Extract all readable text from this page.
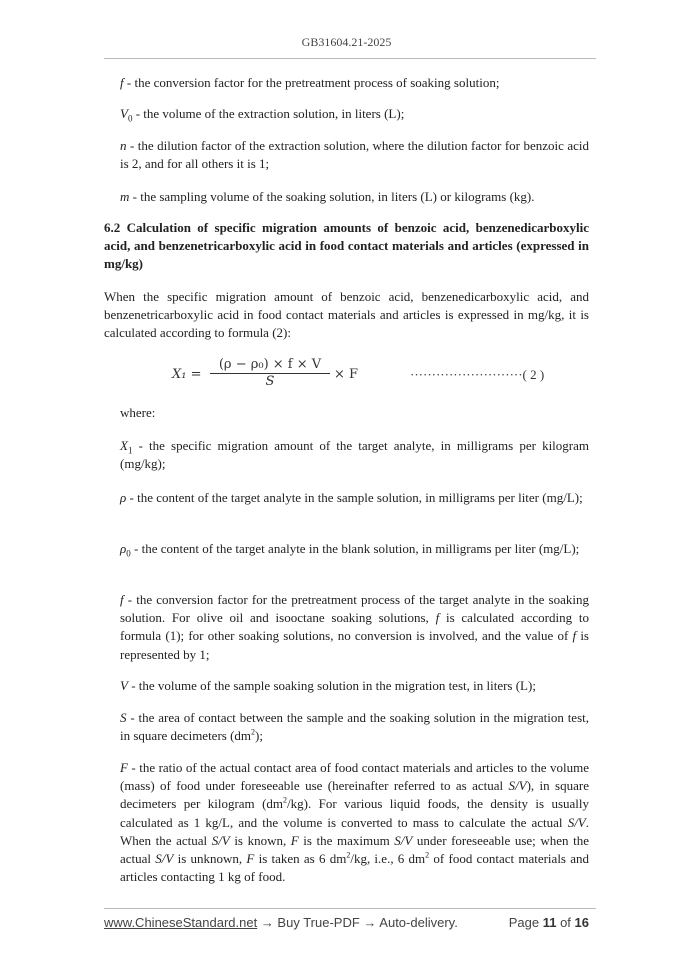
GB31604.21-2025
f - the conversion factor for the pretreatment process of soaking solution;
$V_0$ - the volume of the extraction solution, in liters (L);
n - the dilution factor of the extraction solution, where the dilution factor for benzoic acid is 2, and for all others it is 1;
m - the sampling volume of the soaking solution, in liters (L) or kilograms (kg).
6.2 Calculation of specific migration amounts of benzoic acid, benzenedicarboxylic acid, and benzenetricarboxylic acid in food contact materials and articles (expressed in mg/kg)
When the specific migration amount of benzoic acid, benzenedicarboxylic acid, and benzenetricarboxylic acid in food contact materials and articles is expressed in mg/kg, it is calculated according to formula (2):
where:
$X_1$ - the specific migration amount of the target analyte, in milligrams per kilogram (mg/kg);
ρ - the content of the target analyte in the sample solution, in milligrams per liter (mg/L);
$\rho_0$ - the content of the target analyte in the blank solution, in milligrams per liter (mg/L);
f - the conversion factor for the pretreatment process of the target analyte in the soaking solution. For olive oil and isooctane soaking solutions, f is calculated according to formula (1); for other soaking solutions, no conversion is involved, and the value of f is represented by 1;
V - the volume of the sample soaking solution in the migration test, in liters (L);
S - the area of contact between the sample and the soaking solution in the migration test, in square decimeters $(dm^2)$;
F - the ratio of the actual contact area of food contact materials and articles to the volume (mass) of food under foreseeable use (hereinafter referred to as actual S/V), in square decimeters per kilogram $(dm^2/kg)$. For various liquid foods, the density is usually calculated as 1 kg/L, and the volume is converted to mass to calculate the actual S/V. When the actual S/V is known, F is the maximum S/V under foreseeable use; when the actual S/V is unknown, F is taken as 6 $dm^2/kg$, i.e., 6 $dm^2$ of food contact materials and articles contacting 1 kg of food.
$X_1 = \frac{\text{(ρ − ρ₀) × f × V}}{S} \times F$	··························( 2 )
www.ChineseStandard.net → Buy True-PDF → Auto-delivery.	Page 11 of 16
